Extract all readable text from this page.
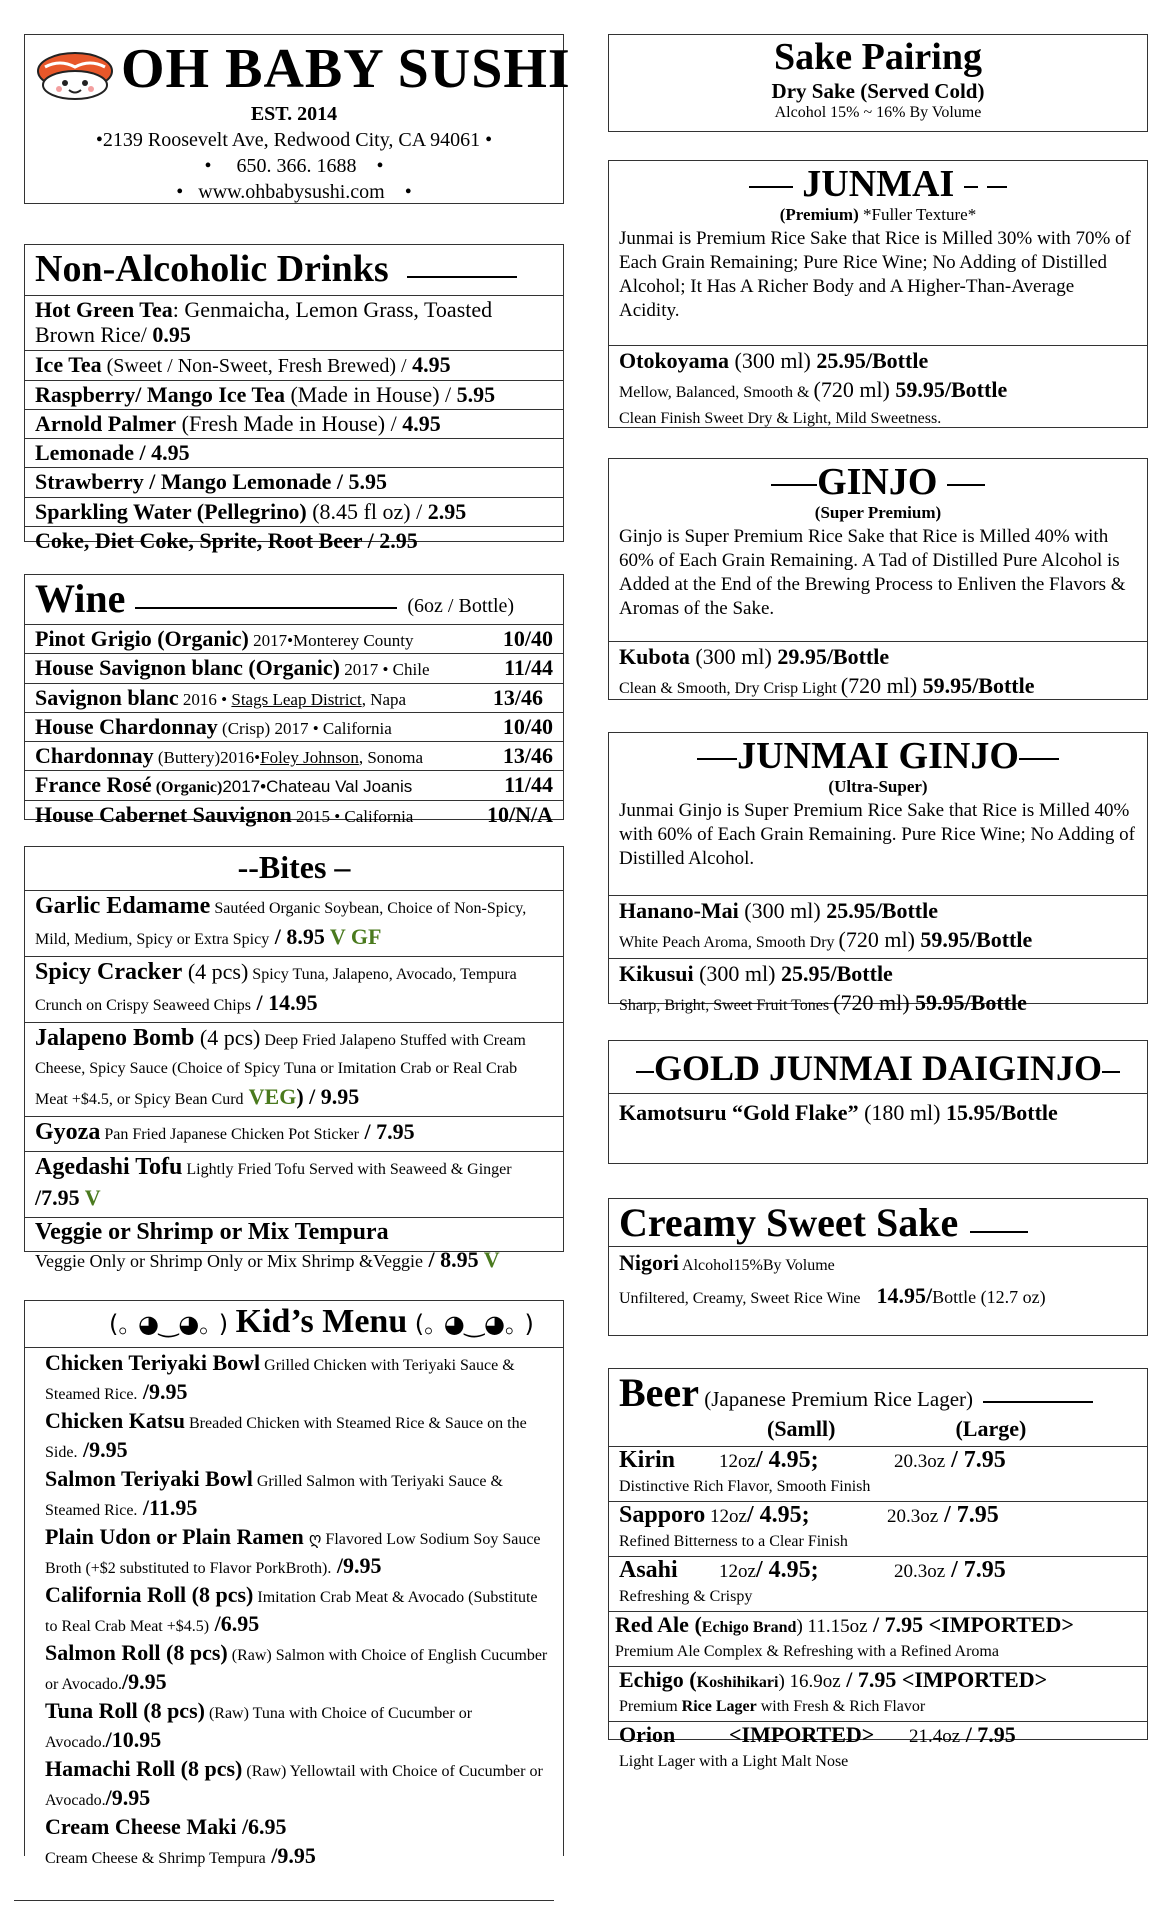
OH BABY SUSHI
EST. 2014
•2139 Roosevelt Ave, Redwood City, CA 94061 •
• 650. 366. 1688 •
• www.ohbabysushi.com •
Non-Alcoholic Drinks
Hot Green Tea: Genmaicha, Lemon Grass, Toasted Brown Rice/ 0.95
Ice Tea (Sweet / Non-Sweet, Fresh Brewed) / 4.95
Raspberry/ Mango Ice Tea (Made in House) / 5.95
Arnold Palmer (Fresh Made in House) / 4.95
Lemonade / 4.95
Strawberry / Mango Lemonade / 5.95
Sparkling Water (Pellegrino) (8.45 fl oz) / 2.95
Coke, Diet Coke, Sprite, Root Beer / 2.95
Wine	(6oz / Bottle)
Pinot Grigio (Organic) 2017•Monterey County	10/40
House Savignon blanc (Organic) 2017 • Chile	11/44
Savignon blanc 2016 • Stags Leap District, Napa	13/46
House Chardonnay (Crisp) 2017 • California	10/40
Chardonnay (Buttery)2016•Foley Johnson, Sonoma	13/46
France Rosé (Organic)2017•Chateau Val Joanis	11/44
House Cabernet Sauvignon 2015 • California	10/N/A
--Bites –
Garlic Edamame Sautéed Organic Soybean, Choice of Non-Spicy, Mild, Medium, Spicy or Extra Spicy / 8.95 V GF
Spicy Cracker (4 pcs) Spicy Tuna, Jalapeno, Avocado, Tempura Crunch on Crispy Seaweed Chips / 14.95
Jalapeno Bomb (4 pcs) Deep Fried Jalapeno Stuffed with Cream Cheese, Spicy Sauce (Choice of Spicy Tuna or Imitation Crab or Real Crab Meat +$4.5, or Spicy Bean Curd VEG) / 9.95
Gyoza Pan Fried Japanese Chicken Pot Sticker / 7.95
Agedashi Tofu Lightly Fried Tofu Served with Seaweed & Ginger /7.95 V
Veggie or Shrimp or Mix Tempura
Veggie Only or Shrimp Only or Mix Shrimp &Veggie / 8.95 V
(｡ ◕‿◕｡ ) Kid’s Menu (｡ ◕‿◕｡ )
Chicken Teriyaki Bowl Grilled Chicken with Teriyaki Sauce & Steamed Rice. /9.95
Chicken Katsu Breaded Chicken with Steamed Rice & Sauce on the Side. /9.95
Salmon Teriyaki Bowl Grilled Salmon with Teriyaki Sauce & Steamed Rice. /11.95
Plain Udon or Plain Ramen ღ Flavored Low Sodium Soy Sauce Broth (+$2 substituted to Flavor PorkBroth). /9.95
California Roll (8 pcs) Imitation Crab Meat & Avocado (Substitute to Real Crab Meat +$4.5) /6.95
Salmon Roll (8 pcs) (Raw) Salmon with Choice of English Cucumber or Avocado./9.95
Tuna Roll (8 pcs) (Raw) Tuna with Choice of Cucumber or Avocado./10.95
Hamachi Roll (8 pcs) (Raw) Yellowtail with Choice of Cucumber or Avocado./9.95
Cream Cheese Maki /6.95
Cream Cheese & Shrimp Tempura /9.95
Sake Pairing
Dry Sake (Served Cold)
Alcohol 15% ~ 16% By Volume
JUNMAI
(Premium) *Fuller Texture*
Junmai is Premium Rice Sake that Rice is Milled 30% with 70% of Each Grain Remaining; Pure Rice Wine; No Adding of Distilled Alcohol; It Has A Richer Body and A Higher-Than-Average Acidity.
Otokoyama (300 ml) 25.95/Bottle
Mellow, Balanced, Smooth & (720 ml) 59.95/Bottle
Clean Finish Sweet Dry & Light, Mild Sweetness.
GINJO
(Super Premium)
Ginjo is Super Premium Rice Sake that Rice is Milled 40% with 60% of Each Grain Remaining. A Tad of Distilled Pure Alcohol is Added at the End of the Brewing Process to Enliven the Flavors & Aromas of the Sake.
Kubota (300 ml) 29.95/Bottle
Clean & Smooth, Dry Crisp Light (720 ml) 59.95/Bottle
JUNMAI GINJO
(Ultra-Super)
Junmai Ginjo is Super Premium Rice Sake that Rice is Milled 40% with 60% of Each Grain Remaining. Pure Rice Wine; No Adding of Distilled Alcohol.
Hanano-Mai (300 ml) 25.95/Bottle
White Peach Aroma, Smooth Dry (720 ml) 59.95/Bottle
Kikusui (300 ml) 25.95/Bottle
Sharp, Bright, Sweet Fruit Tones (720 ml) 59.95/Bottle
GOLD JUNMAI DAIGINJO
Kamotsuru “Gold Flake” (180 ml) 15.95/Bottle
Creamy Sweet Sake
Nigori Alcohol15%By Volume
Unfiltered, Creamy, Sweet Rice Wine 14.95/Bottle (12.7 oz)
Beer (Japanese Premium Rice Lager)
(Samll)	(Large)
Kirin 12oz/ 4.95;	20.3oz / 7.95
Distinctive Rich Flavor, Smooth Finish
Sapporo 12oz/ 4.95;	20.3oz / 7.95
Refined Bitterness to a Clear Finish
Asahi 12oz/ 4.95;	20.3oz / 7.95
Refreshing & Crispy
Red Ale (Echigo Brand) 11.15oz / 7.95 <IMPORTED>
Premium Ale Complex & Refreshing with a Refined Aroma
Echigo (Koshihikari) 16.9oz / 7.95 <IMPORTED>
Premium Rice Lager with Fresh & Rich Flavor
Orion <IMPORTED> 21.4oz / 7.95
Light Lager with a Light Malt Nose
